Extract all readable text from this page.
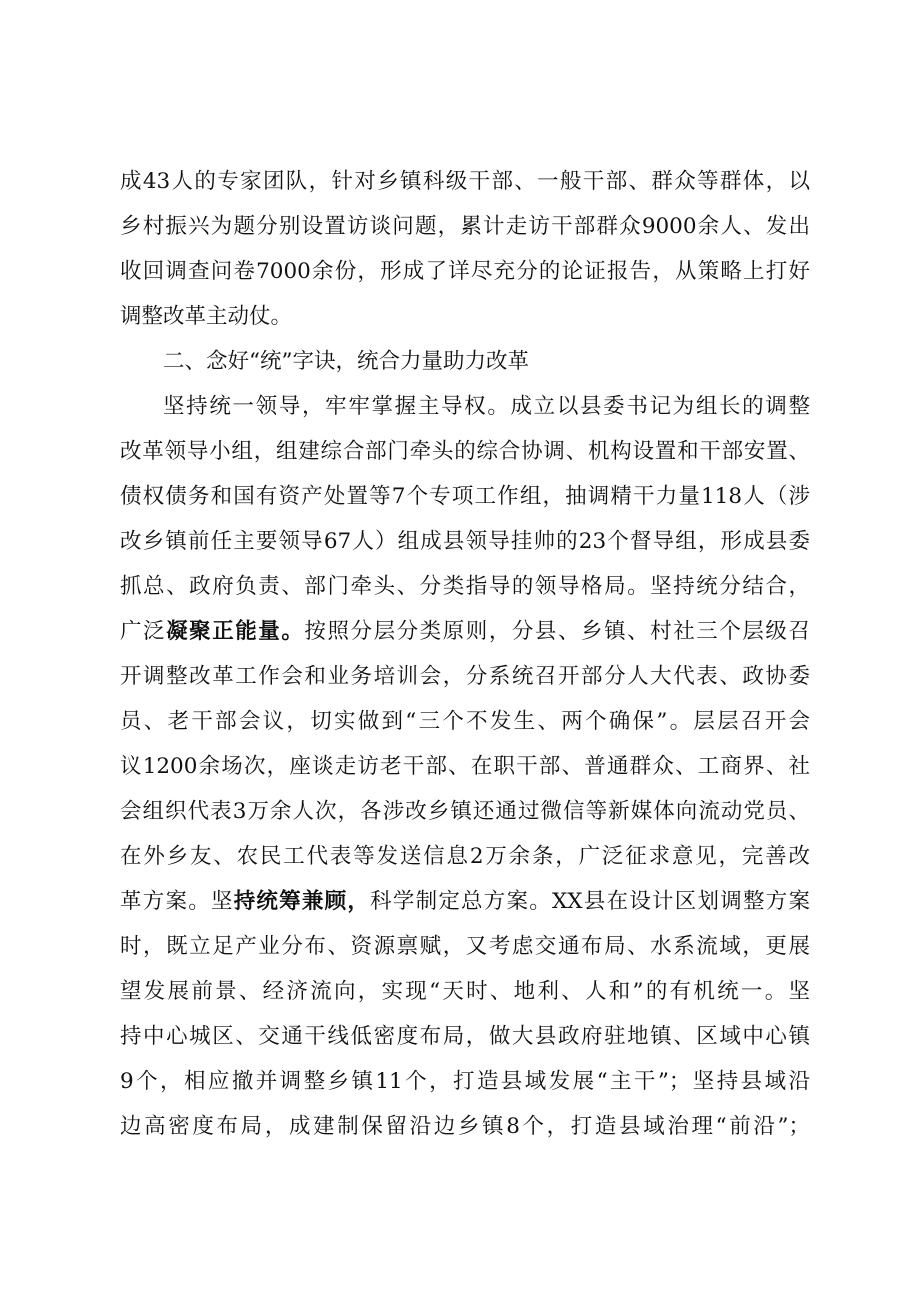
成43人的专家团队，针对乡镇科级干部、一般干部、群众等群体，以
乡村振兴为题分别设置访谈问题，累计走访干部群众9000余人、发出
收回调查问卷7000余份，形成了详尽充分的论证报告，从策略上打好
调整改革主动仗。
二、念好“统”字诀，统合力量助力改革
坚持统一领导，牢牢掌握主导权。成立以县委书记为组长的调整
改革领导小组，组建综合部门牵头的综合协调、机构设置和干部安置、
债权债务和国有资产处置等7个专项工作组，抽调精干力量118人（涉
改乡镇前任主要领导67人）组成县领导挂帅的23个督导组，形成县委
抓总、政府负责、部门牵头、分类指导的领导格局。坚持统分结合，
广泛凝聚正能量。按照分层分类原则，分县、乡镇、村社三个层级召
开调整改革工作会和业务培训会，分系统召开部分人大代表、政协委
员、老干部会议，切实做到“三个不发生、两个确保”。层层召开会
议1200余场次，座谈走访老干部、在职干部、普通群众、工商界、社
会组织代表3万余人次，各涉改乡镇还通过微信等新媒体向流动党员、
在外乡友、农民工代表等发送信息2万余条，广泛征求意见，完善改
革方案。坚持统筹兼顾，科学制定总方案。XX县在设计区划调整方案
时，既立足产业分布、资源禀赋，又考虑交通布局、水系流域，更展
望发展前景、经济流向，实现“天时、地利、人和”的有机统一。坚
持中心城区、交通干线低密度布局，做大县政府驻地镇、区域中心镇
9个，相应撤并调整乡镇11个，打造县域发展“主干”；坚持县域沿
边高密度布局，成建制保留沿边乡镇8个，打造县域治理“前沿”；
